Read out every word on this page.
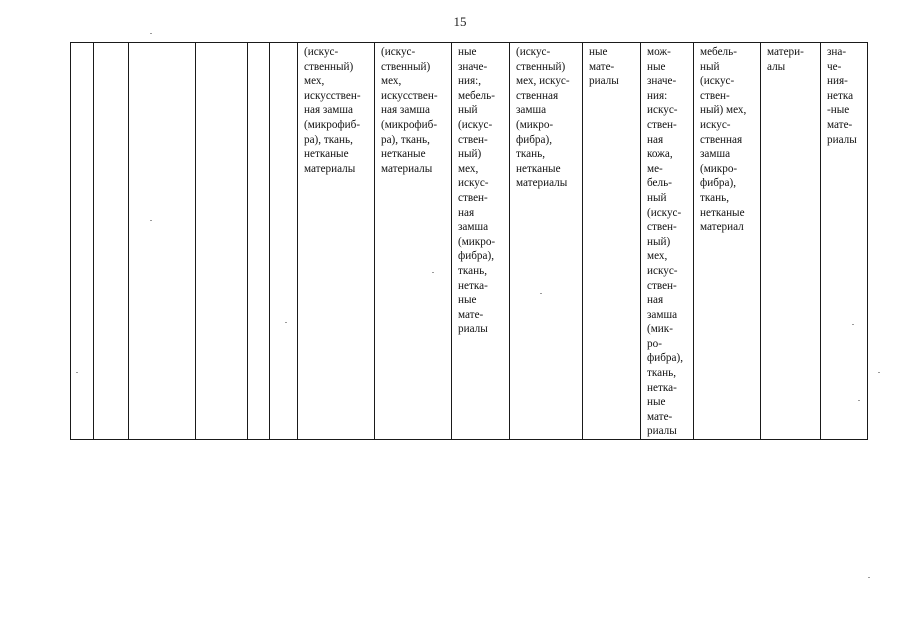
15
						(искус-
ственный)
мех,
искусствен-
ная замша
(микрофиб-
ра), ткань,
нетканые
материалы	(искус-
ственный)
мех,
искусствен-
ная замша
(микрофиб-
ра), ткань,
нетканые
материалы	ные
значе-
ния:,
мебель-
ный
(искус-
ствен-
ный)
мех,
искус-
ствен-
ная
замша
(микро-
фибра),
ткань,
нетка-
ные
мате-
риалы	(искус-
ственный)
мех, искус-
ственная
замша
(микро-
фибра),
ткань,
нетканые
материалы	ные
мате-
риалы	мож-
ные
значе-
ния:
искус-
ствен-
ная
кожа,
ме-
бель-
ный
(искус-
ствен-
ный)
мех,
искус-
ствен-
ная
замша
(мик-
ро-
фибра),
ткань,
нетка-
ные
мате-
риалы	мебель-
ный
(искус-
ствен-
ный) мех,
искус-
ственная
замша
(микро-
фибра),
ткань,
нетканые
материал	матери-
алы	зна-
че-
ния-
нетка
-ные
мате-
риалы
